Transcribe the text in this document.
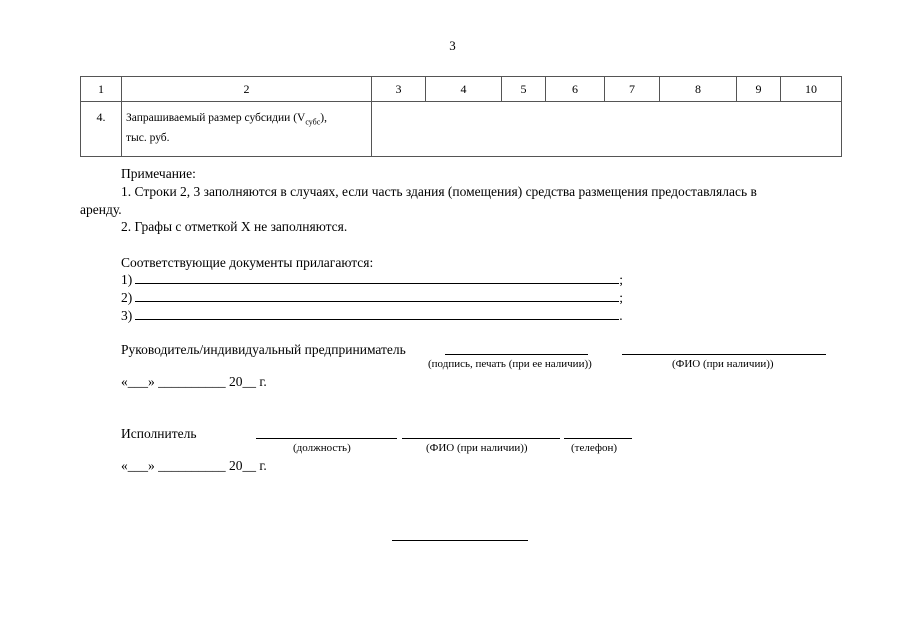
3
1	2	3	4	5	6	7	8	9	10
4.	Запрашиваемый размер субсидии $(V_{субс})$,
тыс. руб.								
Примечание:
1. Строки 2, 3 заполняются в случаях, если часть здания (помещения) средства размещения предоставлялась в
аренду.
2. Графы с отметкой X не заполняются.
Соответствующие документы прилагаются:
1)	;
2)	;
3)	.
Руководитель/индивидуальный предприниматель
(подпись, печать (при ее наличии))	(ФИО (при наличии))
«___» __________ 20__ г.
Исполнитель
(должность)	(ФИО (при наличии))	(телефон)
«___» __________ 20__ г.
